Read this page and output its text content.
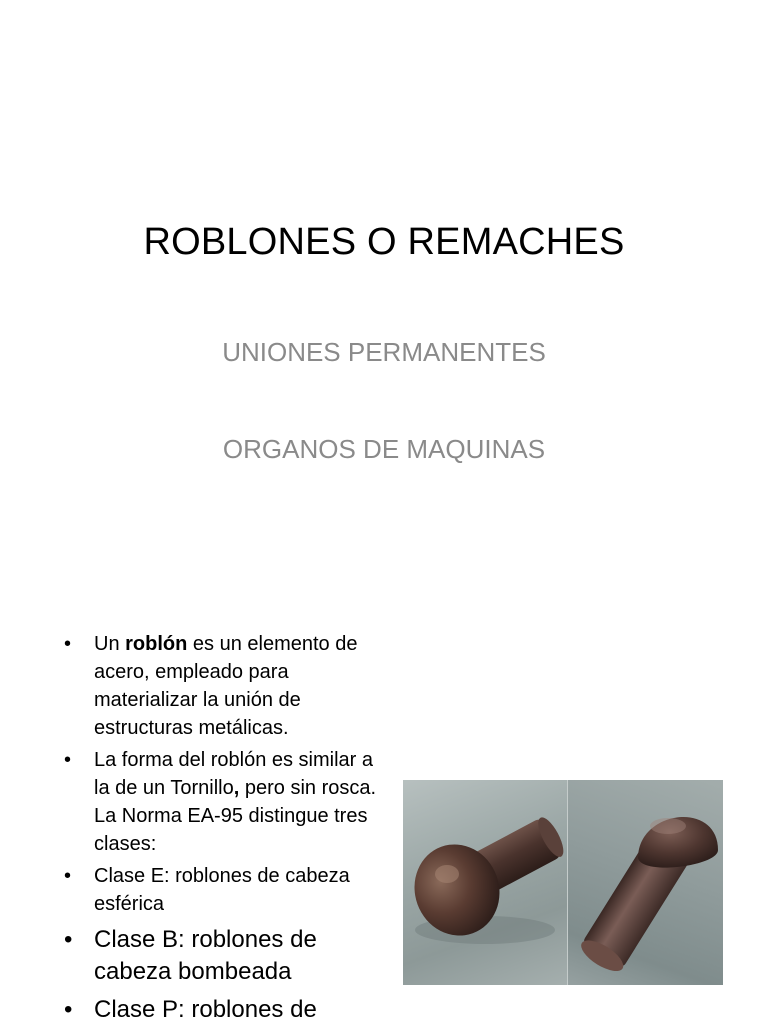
ROBLONES O REMACHES
UNIONES PERMANENTES
ORGANOS DE MAQUINAS
• Un roblón es un elemento de acero, empleado para materializar la unión de estructuras metálicas.
• La forma del roblón es similar a la de un Tornillo, pero sin rosca. La Norma EA-95 distingue tres clases:
• Clase E: roblones de cabeza esférica
• Clase B: roblones de cabeza bombeada
• Clase P: roblones de
